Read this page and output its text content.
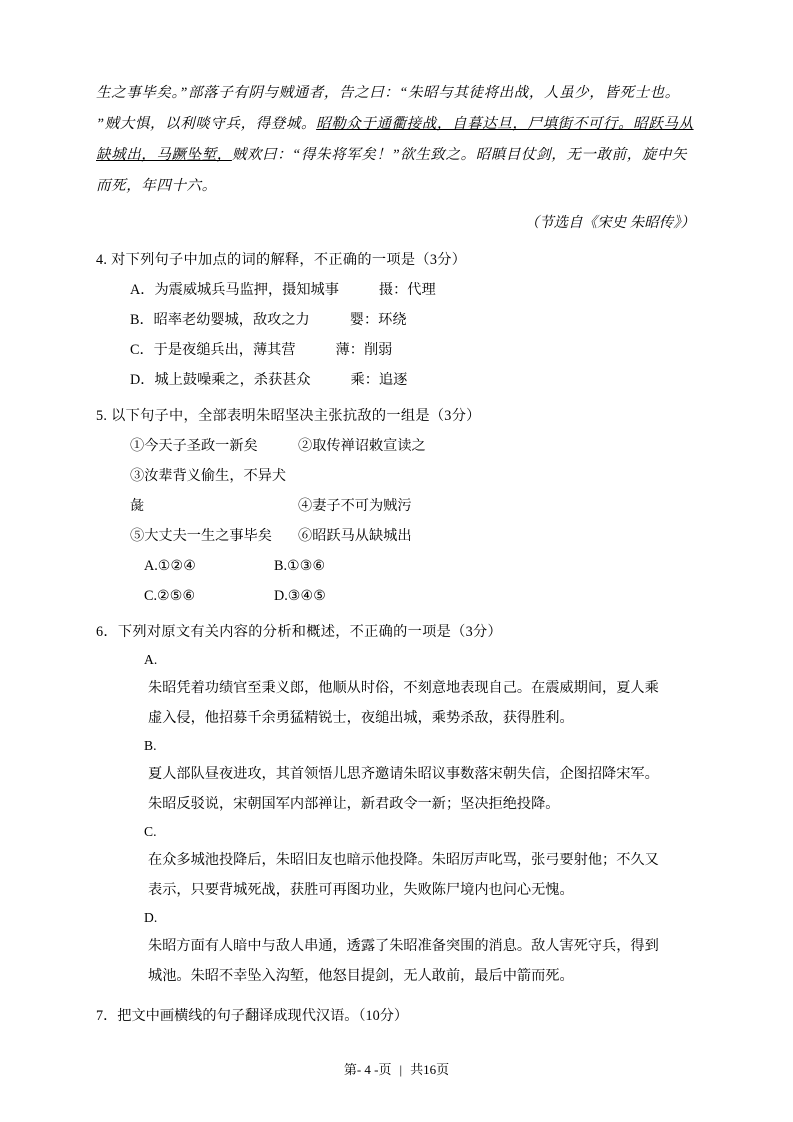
生之事毕矣。”部落子有阴与贼通者，告之曰：“朱昭与其徒将出战，人虽少，皆死士也。
”贼大惧，以利啖守兵，得登城。昭勒众于通衢接战，自暮达旦，尸填街不可行。昭跃马从
缺城出，马蹶坠堑，贼欢曰：“得朱将军矣！”欲生致之。昭瞋目仗剑，无一敢前，旋中矢
而死，年四十六。
（节选自《宋史 朱昭传》）
4. 对下列句子中加点的词的解释，不正确的一项是（3分）
A．为震威城兵马监押，摄知城事	摄：代理
B．昭率老幼婴城，敌攻之力	婴：环绕
C．于是夜缒兵出，薄其营	薄：削弱
D．城上鼓噪乘之，杀获甚众	乘：追逐
5. 以下句子中，全部表明朱昭坚决主张抗敌的一组是（3分）
①今天子圣政一新矣	②取传禅诏敕宣读之
③汝辈背义偷生，不异犬彘	④妻子不可为贼污
⑤大丈夫一生之事毕矣 ⑥昭跃马从缺城出
A.①②④	B.①③⑥
C.②⑤⑥	D.③④⑤
6．下列对原文有关内容的分析和概述，不正确的一项是（3分）
A.
朱昭凭着功绩官至秉义郎，他顺从时俗，不刻意地表现自己。在震威期间，夏人乘
虚入侵，他招募千余勇猛精锐士，夜缒出城，乘势杀敌，获得胜利。
B.
夏人部队昼夜进攻，其首领悟儿思齐邀请朱昭议事数落宋朝失信，企图招降宋军。
朱昭反驳说，宋朝国军内部禅让，新君政令一新；坚决拒绝投降。
C.
在众多城池投降后，朱昭旧友也暗示他投降。朱昭厉声叱骂，张弓要射他；不久又
表示，只要背城死战，获胜可再图功业，失败陈尸境内也问心无愧。
D.
朱昭方面有人暗中与敌人串通，透露了朱昭准备突围的消息。敌人害死守兵，得到
城池。朱昭不幸坠入沟堑，他怒目提剑，无人敢前，最后中箭而死。
7．把文中画横线的句子翻译成现代汉语。（10分）
第- 4 -页 | 共16页
